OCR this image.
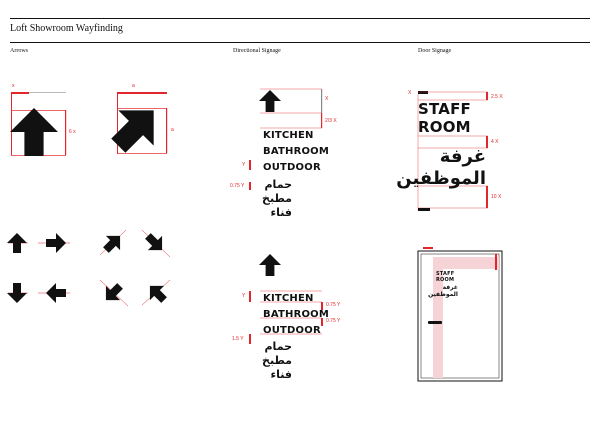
Loft Showroom Wayfinding
Arrows	Directional Signage	Door Signage
x
6 x
a
a	KITCHEN
BATHROOM
OUTDOOR
حمام
مطبخ
فناء
X
2/3 X
Y
0.75 Y
KITCHEN
BATHROOM
OUTDOOR
حمام
مطبخ
فناء
Y
0.75 Y
0.75 Y
1.5 Y
STAFF
ROOM
غرفة
الموظفين
X
2.5 X
4 X
10 X
STAFF
ROOM
غرفة
الموظفين
